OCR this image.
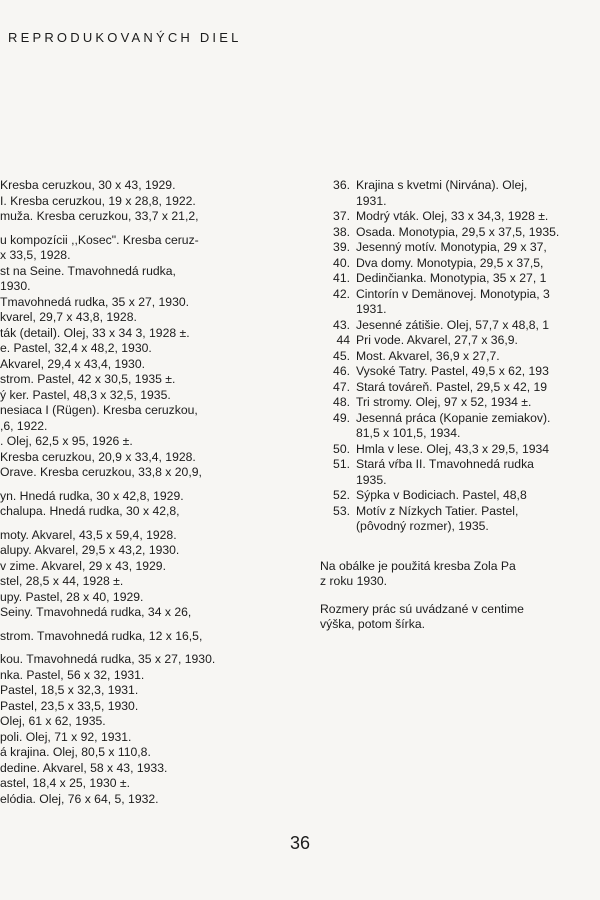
REPRODUKOVANÝCH DIEL
Kresba ceruzkou, 30 x 43, 1929.
I. Kresba ceruzkou, 19 x 28,8, 1922.
muža. Kresba ceruzkou, 33,7 x 21,2,
u kompozícii ,,Kosec". Kresba ceruz-
x 33,5, 1928.
st na Seine. Tmavohnedá rudka,
1930.
Tmavohnedá rudka, 35 x 27, 1930.
kvarel, 29,7 x 43,8, 1928.
ták (detail). Olej, 33 x 34 3, 1928 ±.
e. Pastel, 32,4 x 48,2, 1930.
Akvarel, 29,4 x 43,4, 1930.
strom. Pastel, 42 x 30,5, 1935 ±.
ý ker. Pastel, 48,3 x 32,5, 1935.
nesiaca I (Rügen). Kresba ceruzkou,
,6, 1922.
. Olej, 62,5 x 95, 1926 ±.
Kresba ceruzkou, 20,9 x 33,4, 1928.
Orave. Kresba ceruzkou, 33,8 x 20,9,
yn. Hnedá rudka, 30 x 42,8, 1929.
chalupa. Hnedá rudka, 30 x 42,8,
moty. Akvarel, 43,5 x 59,4, 1928.
alupy. Akvarel, 29,5 x 43,2, 1930.
v zime. Akvarel, 29 x 43, 1929.
stel, 28,5 x 44, 1928 ±.
upy. Pastel, 28 x 40, 1929.
Seiny. Tmavohnedá rudka, 34 x 26,
strom. Tmavohnedá rudka, 12 x 16,5,
kou. Tmavohnedá rudka, 35 x 27, 1930.
nka. Pastel, 56 x 32, 1931.
Pastel, 18,5 x 32,3, 1931.
Pastel, 23,5 x 33,5, 1930.
Olej, 61 x 62, 1935.
poli. Olej, 71 x 92, 1931.
á krajina. Olej, 80,5 x 110,8.
dedine. Akvarel, 58 x 43, 1933.
astel, 18,4 x 25, 1930 ±.
elódia. Olej, 76 x 64, 5, 1932.
36. Krajina s kvetmi (Nirvána). Olej,
1931.
37. Modrý vták. Olej, 33 x 34,3, 1928 ±.
38. Osada. Monotypia, 29,5 x 37,5, 1935.
39. Jesenný motív. Monotypia, 29 x 37,
40. Dva domy. Monotypia, 29,5 x 37,5,
41. Dedinčianka. Monotypia, 35 x 27, 1
42. Cintorín v Demänovej. Monotypia, 3
1931.
43. Jesenné zátišie. Olej, 57,7 x 48,8, 1
44 Pri vode. Akvarel, 27,7 x 36,9.
45. Most. Akvarel, 36,9 x 27,7.
46. Vysoké Tatry. Pastel, 49,5 x 62, 193
47. Stará továreň. Pastel, 29,5 x 42, 19
48. Tri stromy. Olej, 97 x 52, 1934 ±.
49. Jesenná práca (Kopanie zemiakov).
81,5 x 101,5, 1934.
50. Hmla v lese. Olej, 43,3 x 29,5, 1934
51. Stará vŕba II. Tmavohnedá rudka
1935.
52. Sýpka v Bodiciach. Pastel, 48,8
53. Motív z Nízkych Tatier. Pastel,
(pôvodný rozmer), 1935.
Na obálke je použitá kresba Zola Pa
z roku 1930.
Rozmery prác sú uvádzané v centime
výška, potom šírka.
36
